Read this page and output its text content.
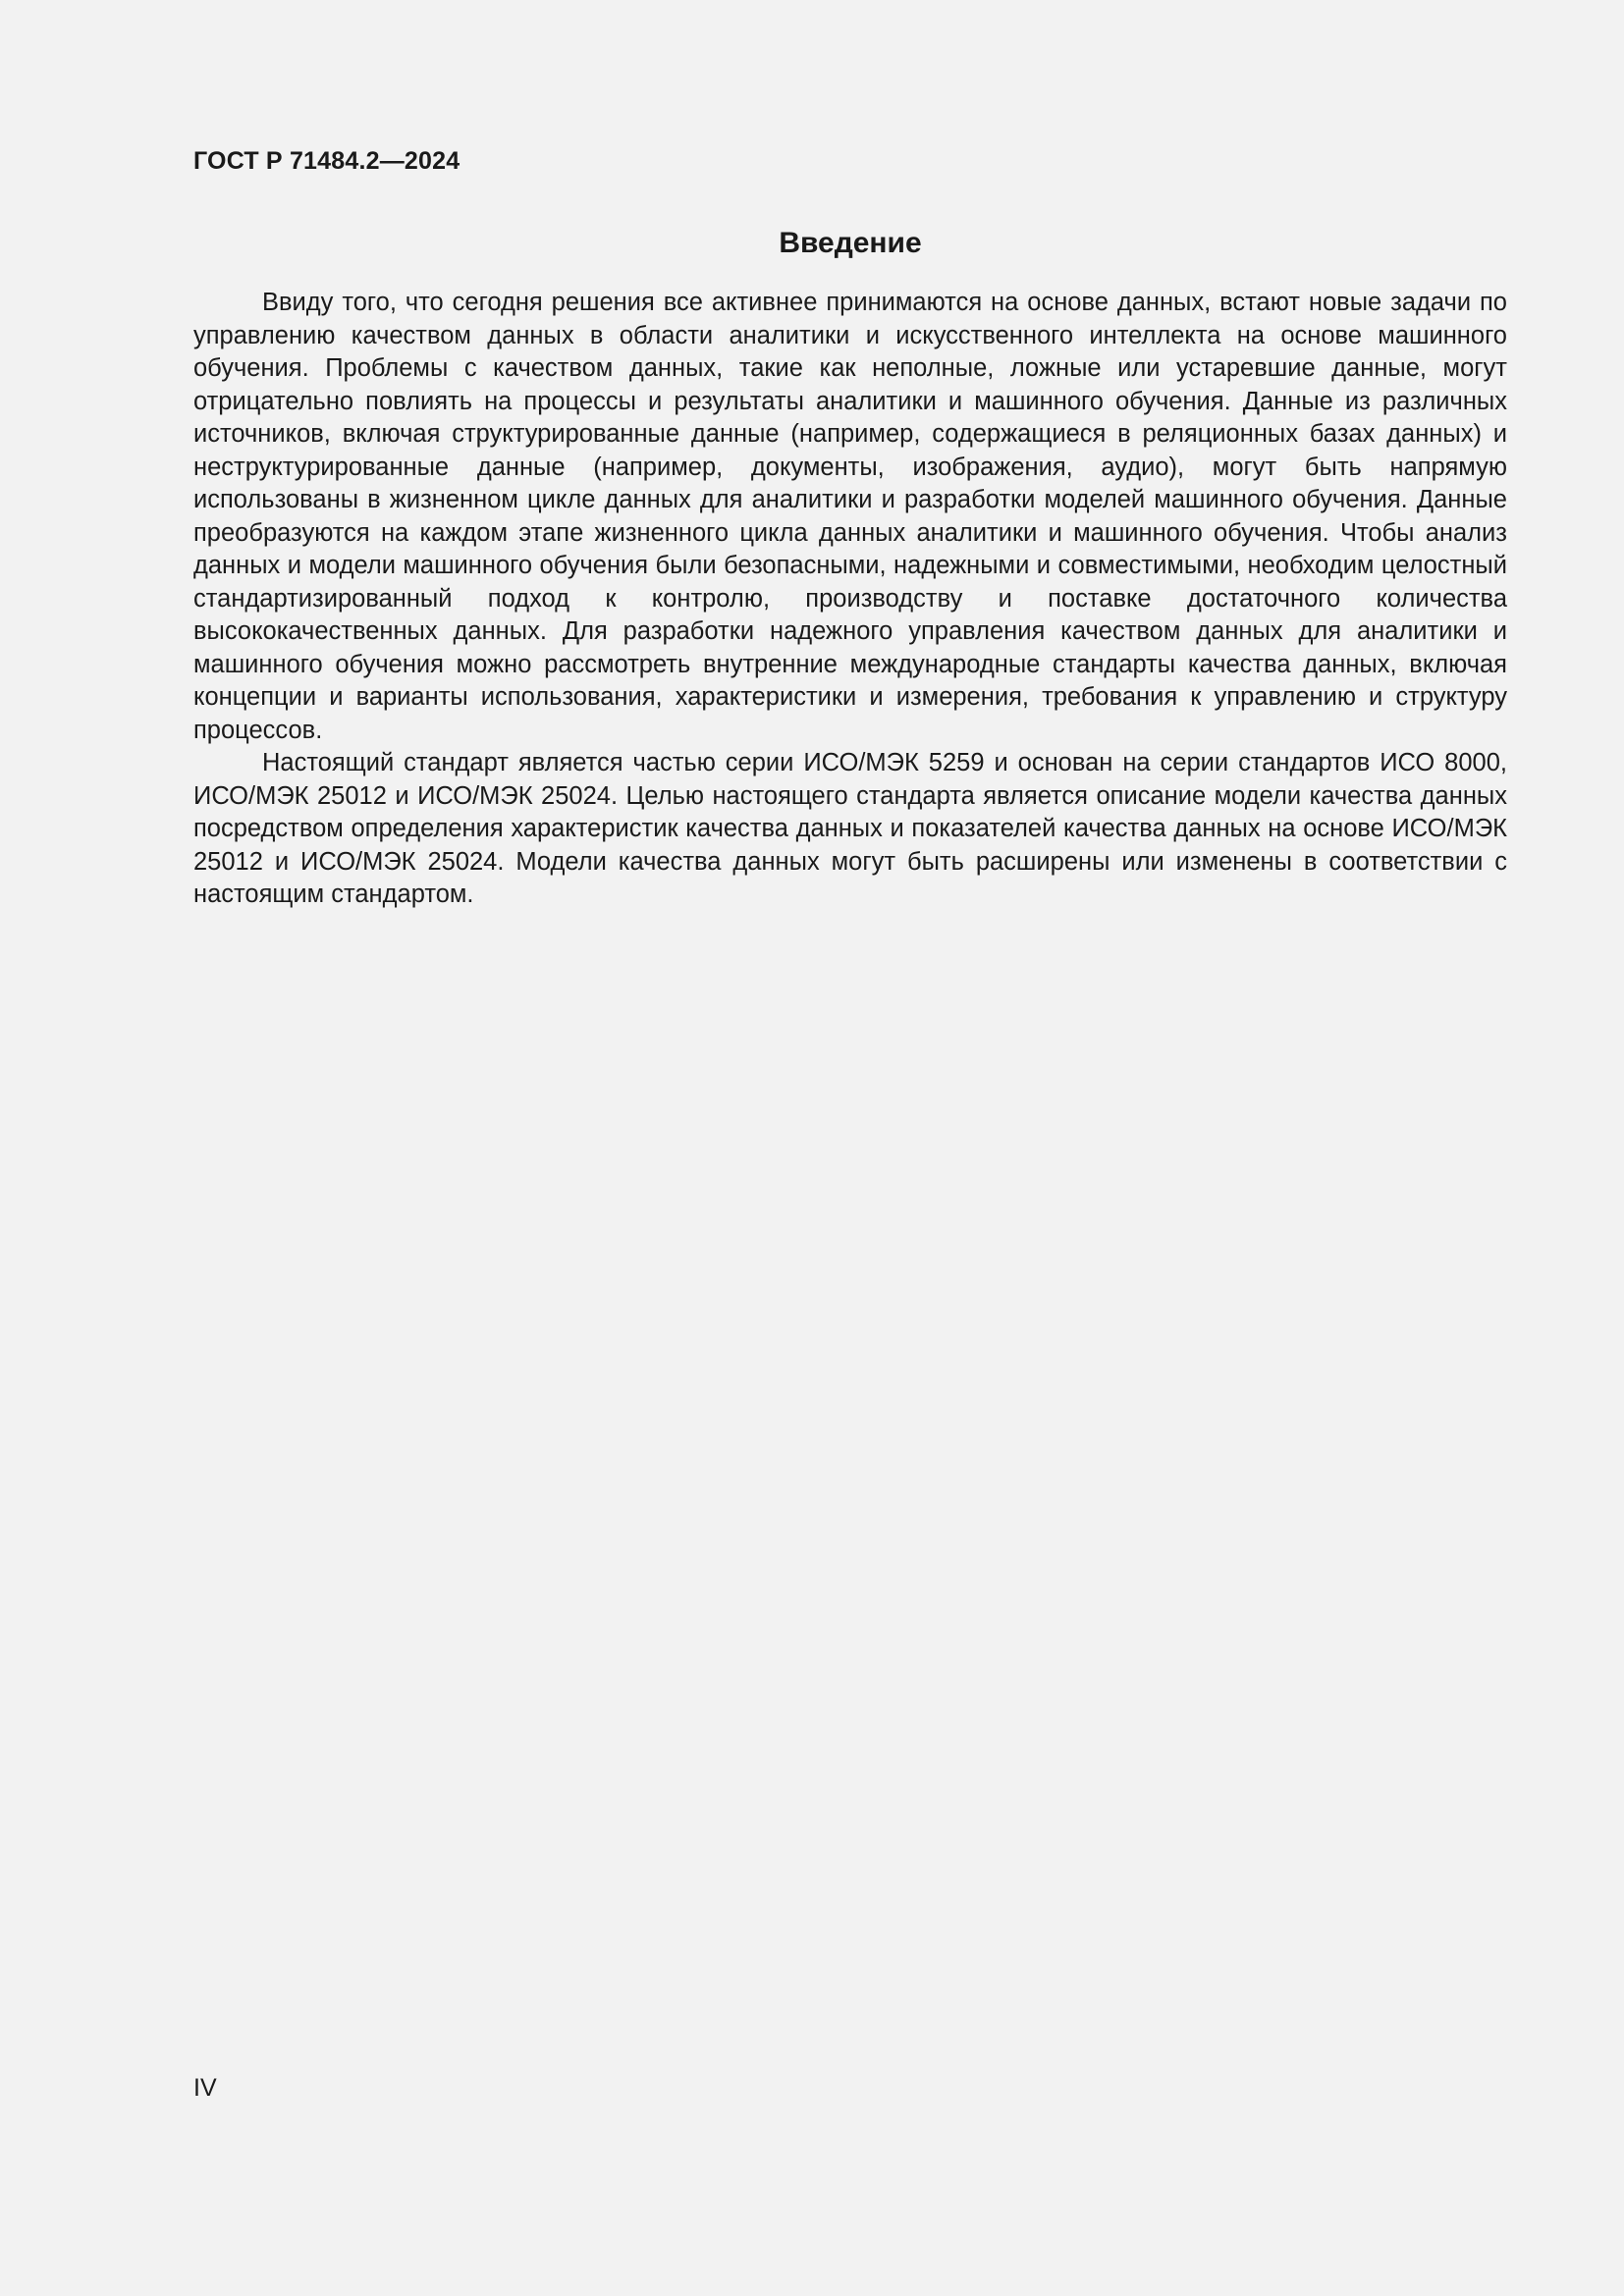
ГОСТ Р 71484.2—2024
Введение

Ввиду того, что сегодня решения все активнее принимаются на основе данных, встают новые задачи по управлению качеством данных в области аналитики и искусственного интеллекта на основе машинного обучения. Проблемы с качеством данных, такие как неполные, ложные или устаревшие данные, могут отрицательно повлиять на процессы и результаты аналитики и машинного обучения. Данные из различных источников, включая структурированные данные (например, содержащиеся в реляционных базах данных) и неструктурированные данные (например, документы, изображения, аудио), могут быть напрямую использованы в жизненном цикле данных для аналитики и разработки моделей машинного обучения. Данные преобразуются на каждом этапе жизненного цикла данных аналитики и машинного обучения. Чтобы анализ данных и модели машинного обучения были безопасными, надежными и совместимыми, необходим целостный стандартизированный подход к контролю, производству и поставке достаточного количества высококачественных данных. Для разработки надежного управления качеством данных для аналитики и машинного обучения можно рассмотреть внутренние международные стандарты качества данных, включая концепции и варианты использования, характеристики и измерения, требования к управлению и структуру процессов.

Настоящий стандарт является частью серии ИСО/МЭК 5259 и основан на серии стандартов ИСО 8000, ИСО/МЭК 25012 и ИСО/МЭК 25024. Целью настоящего стандарта является описание модели качества данных посредством определения характеристик качества данных и показателей качества данных на основе ИСО/МЭК 25012 и ИСО/МЭК 25024. Модели качества данных могут быть расширены или изменены в соответствии с настоящим стандартом.

IV
